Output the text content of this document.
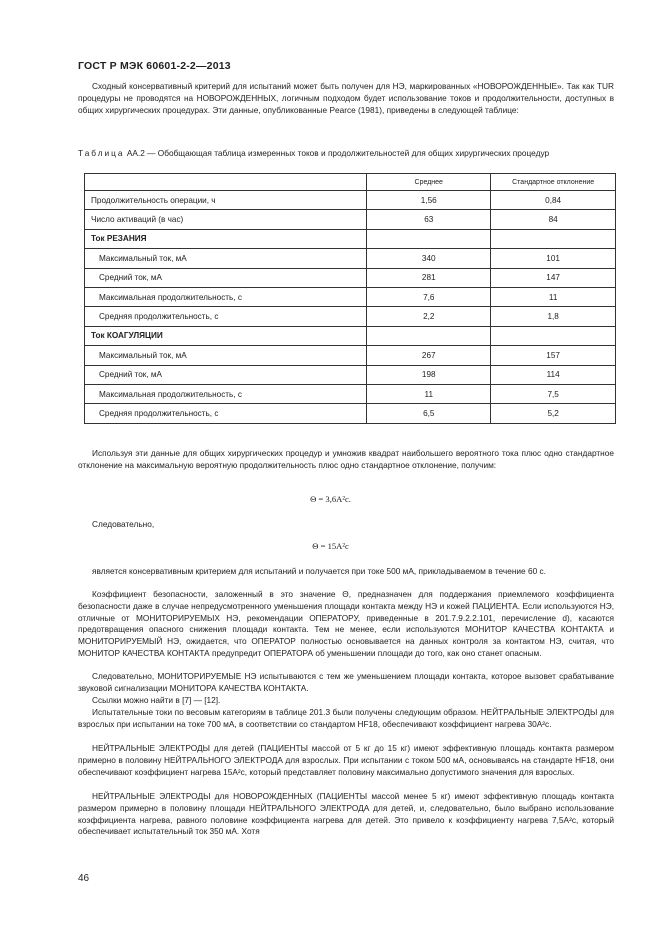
ГОСТ Р МЭК 60601-2-2—2013

Сходный консервативный критерий для испытаний может быть получен для НЭ, маркированных «НОВОРОЖДЕННЫЕ». Так как TUR процедуры не проводятся на НОВОРОЖДЕННЫХ, логичным подходом будет использование токов и продолжительности, доступных в общих хирургических процедурах. Эти данные, опубликованные Pearce (1981), приведены в следующей таблице:

Таблица АА.2 — Обобщающая таблица измеренных токов и продолжительностей для общих хирургических процедур
	Среднее	Стандартное отклонение
Продолжительность операции, ч	1,56	0,84
Число активаций (в час)	63	84
Ток РЕЗАНИЯ		
Максимальный ток, мА	340	101
Средний ток, мА	281	147
Максимальная продолжительность, с	7,6	11
Средняя продолжительность, с	2,2	1,8
Ток КОАГУЛЯЦИИ		
Максимальный ток, мА	267	157
Средний ток, мА	198	114
Максимальная продолжительность, с	11	7,5
Средняя продолжительность, с	6,5	5,2

Используя эти данные для общих хирургических процедур и умножив квадрат наибольшего вероятного тока плюс одно стандартное отклонение на максимальную вероятную продолжительность плюс одно стандартное отклонение, получим:

Θ = 3,6A²c.

Следовательно,

Θ = 15A²c

является консервативным критерием для испытаний и получается при токе 500 мА, прикладываемом в течение 60 с.

Коэффициент безопасности, заложенный в это значение Θ, предназначен для поддержания приемлемого коэффициента безопасности даже в случае непредусмотренного уменьшения площади контакта между НЭ и кожей ПАЦИЕНТА. Если используются НЭ, отличные от МОНИТОРИРУЕМЫХ НЭ, рекомендации ОПЕРАТОРУ, приведенные в 201.7.9.2.2.101, перечисление d), касаются предотвращения опасного снижения площади контакта. Тем не менее, если используются МОНИТОР КАЧЕСТВА КОНТАКТА и МОНИТОРИРУЕМЫЙ НЭ, ожидается, что ОПЕРАТОР полностью основывается на данных контроля за контактом НЭ, считая, что МОНИТОР КАЧЕСТВА КОНТАКТА предупредит ОПЕРАТОРА об уменьшении площади до того, как оно станет опасным.

Следовательно, МОНИТОРИРУЕМЫЕ НЭ испытываются с тем же уменьшением площади контакта, которое вызовет срабатывание звуковой сигнализации МОНИТОРА КАЧЕСТВА КОНТАКТА.

Ссылки можно найти в [7] — [12].

Испытательные токи по весовым категориям в таблице 201.3 были получены следующим образом. НЕЙТРАЛЬНЫЕ ЭЛЕКТРОДЫ для взрослых при испытании на токе 700 мА, в соответствии со стандартом HF18, обеспечивают коэффициент нагрева 30A²c.

НЕЙТРАЛЬНЫЕ ЭЛЕКТРОДЫ для детей (ПАЦИЕНТЫ массой от 5 кг до 15 кг) имеют эффективную площадь контакта размером примерно в половину НЕЙТРАЛЬНОГО ЭЛЕКТРОДА для взрослых. При испытании с током 500 мА, основываясь на стандарте HF18, они обеспечивают коэффициент нагрева 15A²c, который представляет половину максимально допустимого значения для взрослых.

НЕЙТРАЛЬНЫЕ ЭЛЕКТРОДЫ для НОВОРОЖДЕННЫХ (ПАЦИЕНТЫ массой менее 5 кг) имеют эффективную площадь контакта размером примерно в половину площади НЕЙТРАЛЬНОГО ЭЛЕКТРОДА для детей, и, следовательно, было выбрано использование коэффициента нагрева, равного половине коэффициента нагрева для детей. Это привело к коэффициенту нагрева 7,5A²c, который обеспечивает испытательный ток 350 мА. Хотя

46
